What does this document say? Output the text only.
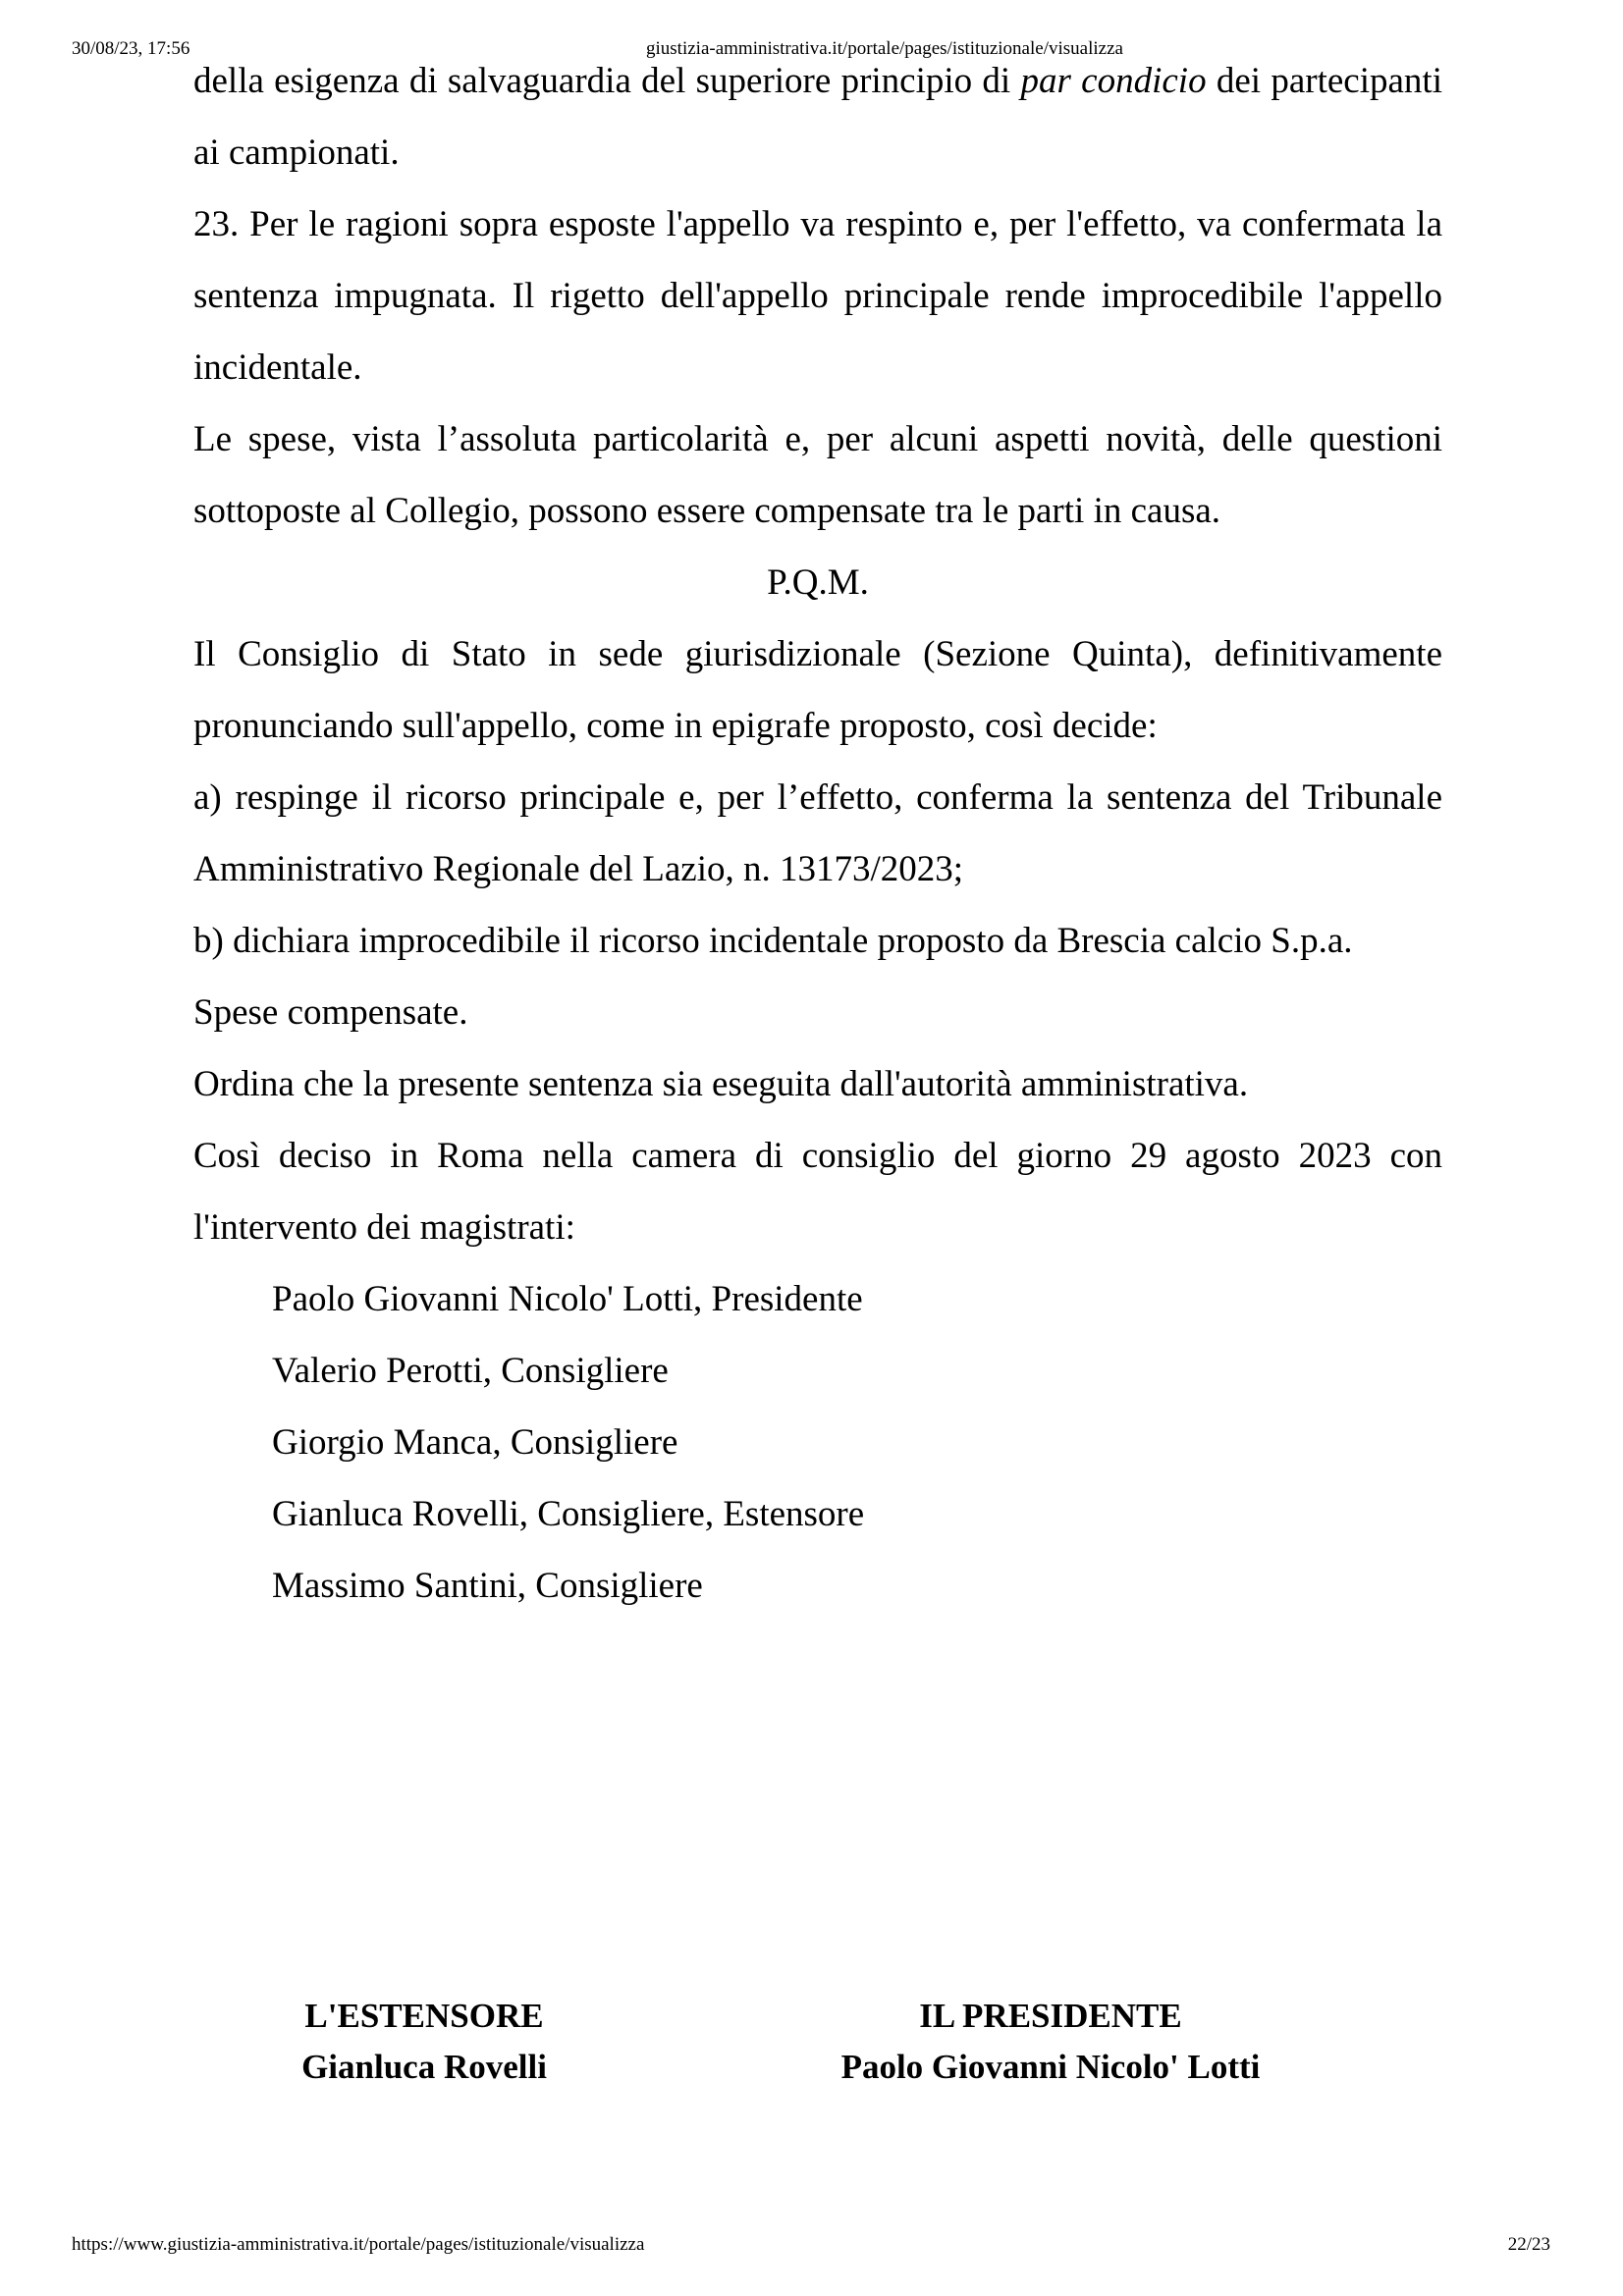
30/08/23, 17:56	giustizia-amministrativa.it/portale/pages/istituzionale/visualizza

della esigenza di salvaguardia del superiore principio di par condicio dei partecipanti ai campionati.

23. Per le ragioni sopra esposte l'appello va respinto e, per l'effetto, va confermata la sentenza impugnata. Il rigetto dell'appello principale rende improcedibile l'appello incidentale.

Le spese, vista l’assoluta particolarità e, per alcuni aspetti novità, delle questioni sottoposte al Collegio, possono essere compensate tra le parti in causa.

P.Q.M.

Il Consiglio di Stato in sede giurisdizionale (Sezione Quinta), definitivamente pronunciando sull'appello, come in epigrafe proposto, così decide:

a) respinge il ricorso principale e, per l’effetto, conferma la sentenza del Tribunale Amministrativo Regionale del Lazio, n. 13173/2023;

b) dichiara improcedibile il ricorso incidentale proposto da Brescia calcio S.p.a.

Spese compensate.

Ordina che la presente sentenza sia eseguita dall'autorità amministrativa.

Così deciso in Roma nella camera di consiglio del giorno 29 agosto 2023 con l'intervento dei magistrati:

Paolo Giovanni Nicolo' Lotti, Presidente

Valerio Perotti, Consigliere

Giorgio Manca, Consigliere

Gianluca Rovelli, Consigliere, Estensore

Massimo Santini, Consigliere

L'ESTENSORE
Gianluca Rovelli
IL PRESIDENTE
Paolo Giovanni Nicolo' Lotti
https://www.giustizia-amministrativa.it/portale/pages/istituzionale/visualizza	22/23
